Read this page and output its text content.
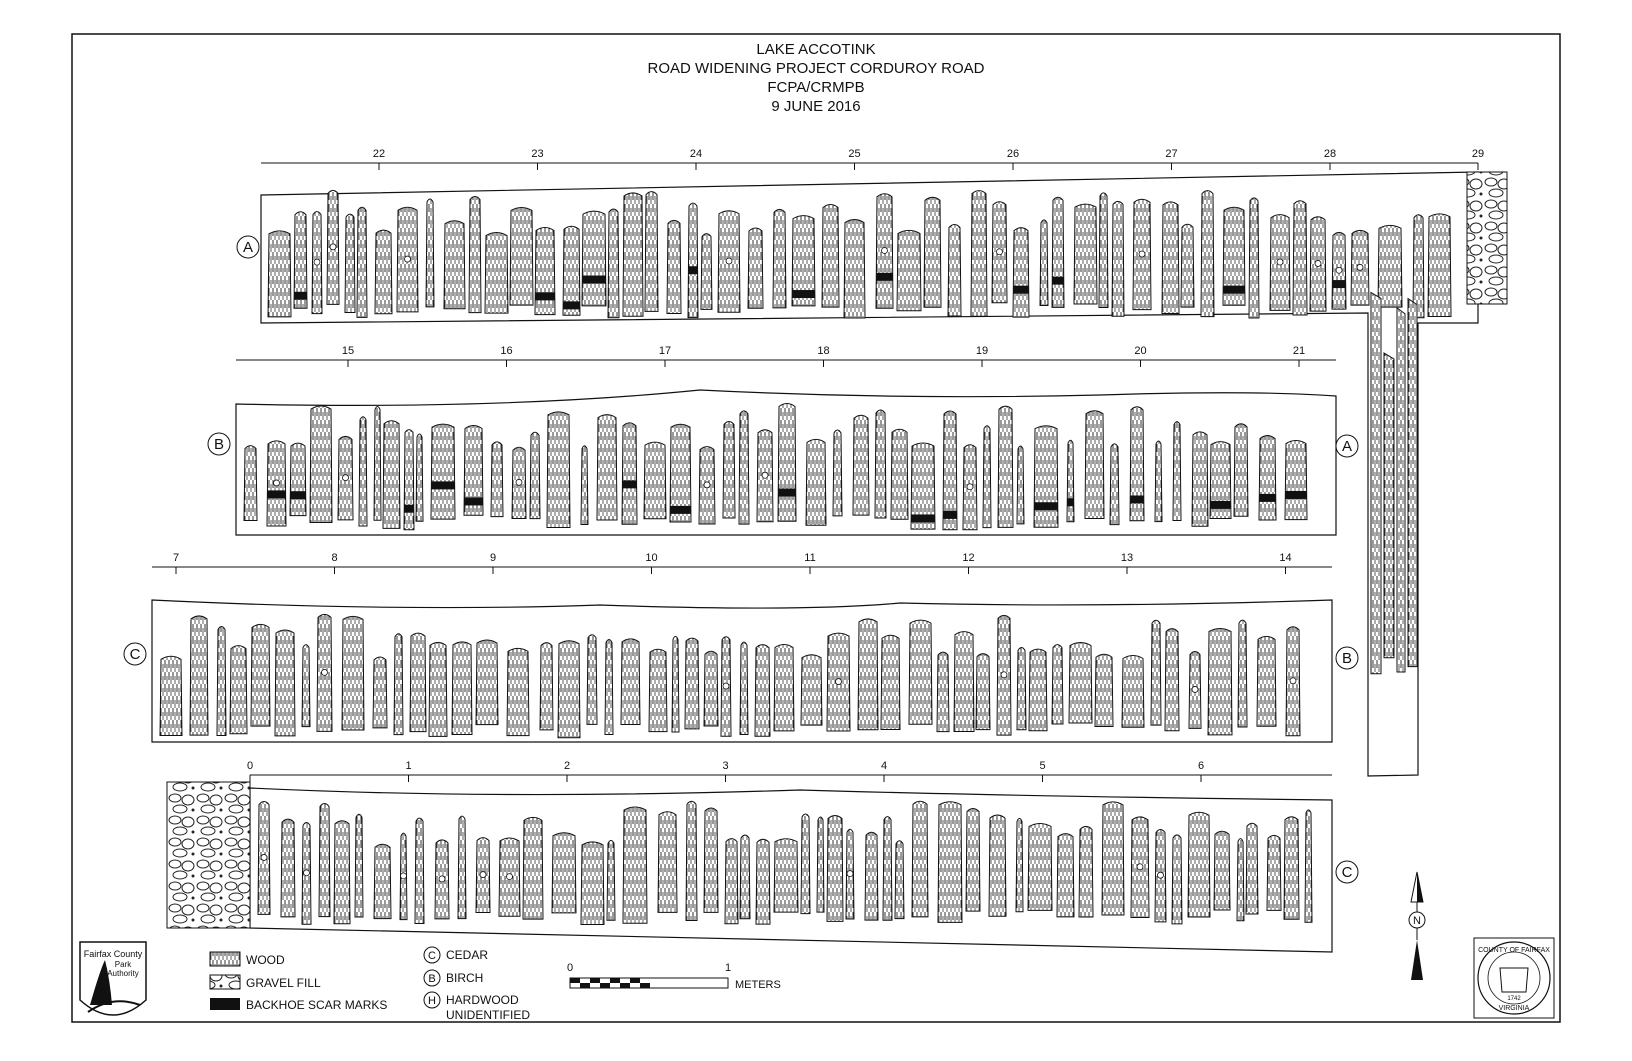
22	23	24	25	26	27	28	29
15	16	17	18	19	20	21
7	8	9	10	11	12	13	14
0	1	2	3	4	5	6
A
B	A
C	B
C
C
B
H
0	1
METERS
N
Fairfax County
Park
Authority
COUNTY OF FAIRFAX
1742
VIRGINIA
LAKE ACCOTINK
ROAD WIDENING PROJECT CORDUROY ROAD
FCPA/CRMPB
9 JUNE 2016
WOOD
GRAVEL FILL
BACKHOE SCAR MARKS
CEDAR
BIRCH
HARDWOOD
UNIDENTIFIED
